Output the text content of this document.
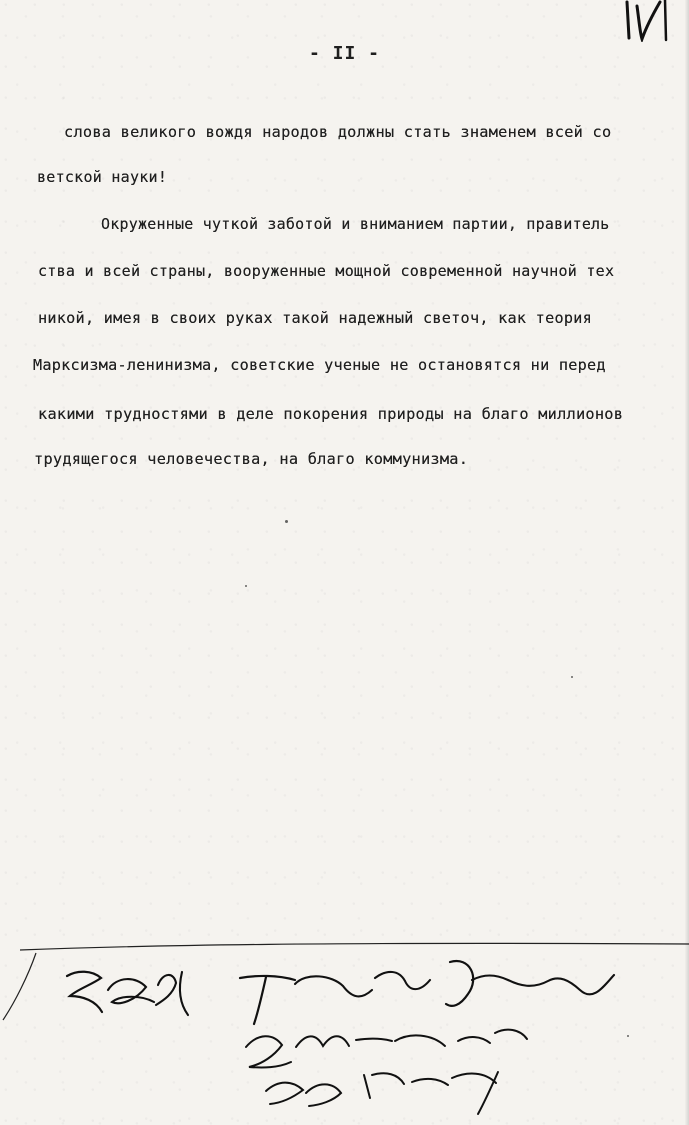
- II -
слова великого вождя народов должны стать знаменем всей со
ветской науки!
Окруженные чуткой заботой и вниманием партии, правитель
ства и всей страны, вооруженные мощной современной научной тех
никой, имея в своих руках такой надежный светоч, как теория
Марксизма-ленинизма, советские ученые не остановятся ни перед
какими трудностями в деле покорения природы на благо миллионов
трудящегося человечества, на благо коммунизма.
